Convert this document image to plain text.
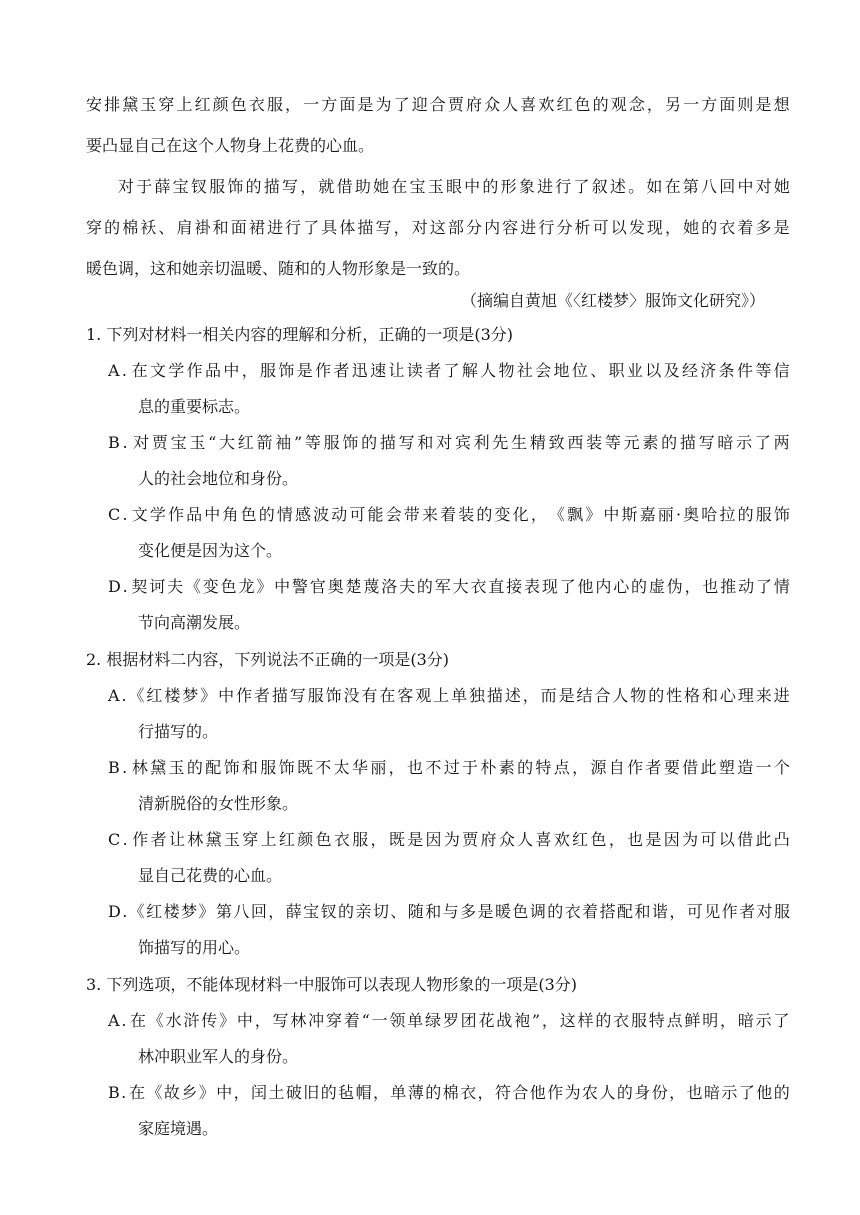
安 排 黛 玉 穿 上 红 颜 色 衣 服 ， 一 方 面 是 为 了 迎 合 贾 府 众 人 喜 欢 红 色 的 观 念 ， 另 一 方 面 则 是 想
要凸显自己在这个人物身上花费的心血。
对 于 薛 宝 钗 服 饰 的 描 写 ， 就 借 助 她 在 宝 玉 眼 中 的 形 象 进 行 了 叙 述 。 如 在 第 八 回 中 对 她
穿 的 棉 袄 、 肩 褂 和 面 裙 进 行 了 具 体 描 写 ， 对 这 部 分 内 容 进 行 分 析 可 以 发 现 ， 她 的 衣 着 多 是
暖色调，这和她亲切温暖、随和的人物形象是一致的。
（摘编自黄旭《〈红楼梦〉服饰文化研究》）
1. 下列对材料一相关内容的理解和分析，正确的一项是(3分)
A . 在 文 学 作 品 中 ， 服 饰 是 作 者 迅 速 让 读 者 了 解 人 物 社 会 地 位 、 职 业 以 及 经 济 条 件 等 信
息的重要标志。
B . 对 贾 宝 玉 “ 大 红 箭 袖 ” 等 服 饰 的 描 写 和 对 宾 利 先 生 精 致 西 装 等 元 素 的 描 写 暗 示 了 两
人的社会地位和身份。
C . 文 学 作 品 中 角 色 的 情 感 波 动 可 能 会 带 来 着 装 的 变 化 ， 《 飘 》 中 斯 嘉 丽 · 奥 哈 拉 的 服 饰
变化便是因为这个。
D . 契 诃 夫 《 变 色 龙 》 中 警 官 奥 楚 蔑 洛 夫 的 军 大 衣 直 接 表 现 了 他 内 心 的 虚 伪 ， 也 推 动 了 情
节向高潮发展。
2. 根据材料二内容，下列说法不正确的一项是(3分)
A . 《 红 楼 梦 》 中 作 者 描 写 服 饰 没 有 在 客 观 上 单 独 描 述 ， 而 是 结 合 人 物 的 性 格 和 心 理 来 进
行描写的。
B . 林 黛 玉 的 配 饰 和 服 饰 既 不 太 华 丽 ， 也 不 过 于 朴 素 的 特 点 ， 源 自 作 者 要 借 此 塑 造 一 个
清新脱俗的女性形象。
C . 作 者 让 林 黛 玉 穿 上 红 颜 色 衣 服 ， 既 是 因 为 贾 府 众 人 喜 欢 红 色 ， 也 是 因 为 可 以 借 此 凸
显自己花费的心血。
D . 《 红 楼 梦 》 第 八 回 ， 薛 宝 钗 的 亲 切 、 随 和 与 多 是 暖 色 调 的 衣 着 搭 配 和 谐 ， 可 见 作 者 对 服
饰描写的用心。
3. 下列选项，不能体现材料一中服饰可以表现人物形象的一项是(3分)
A . 在 《 水 浒 传 》 中 ， 写 林 冲 穿 着 “ 一 领 单 绿 罗 团 花 战 袍 ” ， 这 样 的 衣 服 特 点 鲜 明 ， 暗 示 了
林冲职业军人的身份。
B . 在 《 故 乡 》 中 ， 闰 土 破 旧 的 毡 帽 ， 单 薄 的 棉 衣 ， 符 合 他 作 为 农 人 的 身 份 ， 也 暗 示 了 他 的
家庭境遇。
